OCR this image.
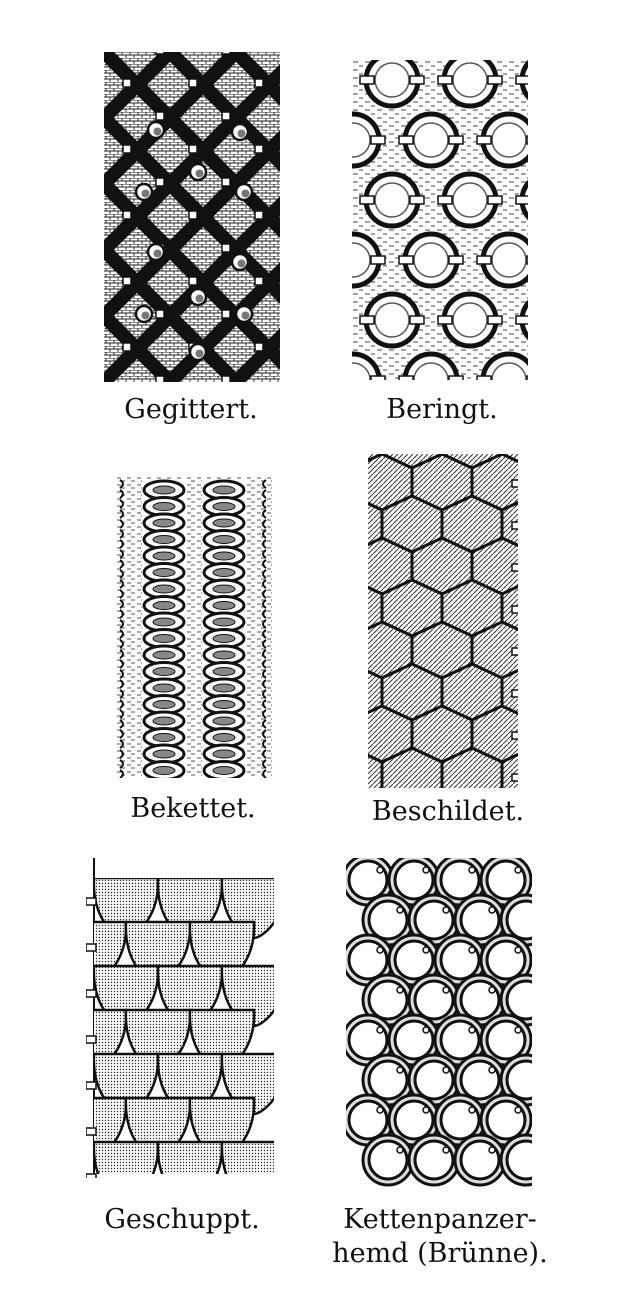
Gegittert.	Beringt.
Bekettet.	Beschildet.
Geschuppt.	Kettenpanzer-
hemd (Brünne).
